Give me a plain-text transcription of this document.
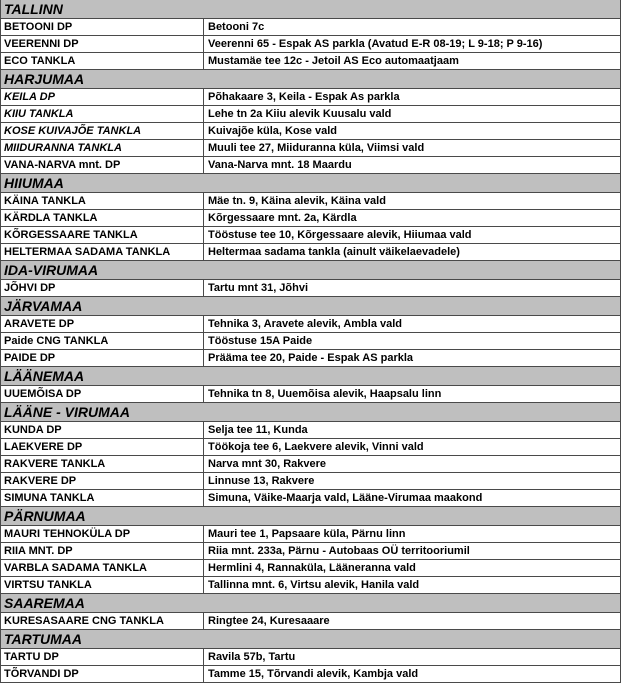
TALLINN
BETOONI DP	Betooni 7c
VEERENNI DP	Veerenni 65 - Espak AS parkla (Avatud E-R 08-19; L 9-18; P 9-16)
ECO TANKLA	Mustamäe tee 12c - Jetoil AS Eco automaatjaam
HARJUMAA
KEILA DP	Põhakaare 3, Keila - Espak As parkla
KIIU TANKLA	Lehe tn 2a Kiiu alevik Kuusalu vald
KOSE KUIVAJÕE TANKLA	Kuivajõe küla, Kose vald
MIIDURANNA TANKLA	Muuli tee 27, Miiduranna küla, Viimsi vald
VANA-NARVA mnt. DP	Vana-Narva mnt. 18 Maardu
HIIUMAA
KÄINA TANKLA	Mäe tn. 9, Käina alevik, Käina vald
KÄRDLA TANKLA	Kõrgessaare mnt. 2a, Kärdla
KÕRGESSAARE TANKLA	Tööstuse tee 10, Kõrgessaare alevik, Hiiumaa vald
HELTERMAA SADAMA TANKLA	Heltermaa sadama tankla (ainult väikelaevadele)
IDA-VIRUMAA
JÕHVI DP	Tartu mnt 31, Jõhvi
JÄRVAMAA
ARAVETE DP	Tehnika 3, Aravete alevik, Ambla vald
Paide CNG TANKLA	Tööstuse 15A Paide
PAIDE DP	Prääma tee 20, Paide - Espak AS parkla
LÄÄNEMAA
UUEMÕISA DP	Tehnika tn 8, Uuemõisa alevik, Haapsalu linn
LÄÄNE - VIRUMAA
KUNDA DP	Selja tee 11, Kunda
LAEKVERE DP	Töökoja tee 6, Laekvere alevik, Vinni vald
RAKVERE TANKLA	Narva mnt 30, Rakvere
RAKVERE DP	Linnuse 13, Rakvere
SIMUNA TANKLA	Simuna, Väike-Maarja vald, Lääne-Virumaa maakond
PÄRNUMAA
MAURI TEHNOKÜLA DP	Mauri tee 1, Papsaare küla, Pärnu linn
RIIA MNT. DP	Riia mnt. 233a, Pärnu - Autobaas OÜ territooriumil
VARBLA SADAMA TANKLA	Hermlini 4, Rannaküla, Lääneranna vald
VIRTSU TANKLA	Tallinna mnt. 6, Virtsu alevik, Hanila vald
SAAREMAA
KURESASAARE CNG TANKLA	Ringtee 24, Kuresaaare
TARTUMAA
TARTU DP	Ravila 57b, Tartu
TÕRVANDI DP	Tamme 15, Tõrvandi alevik, Kambja vald
